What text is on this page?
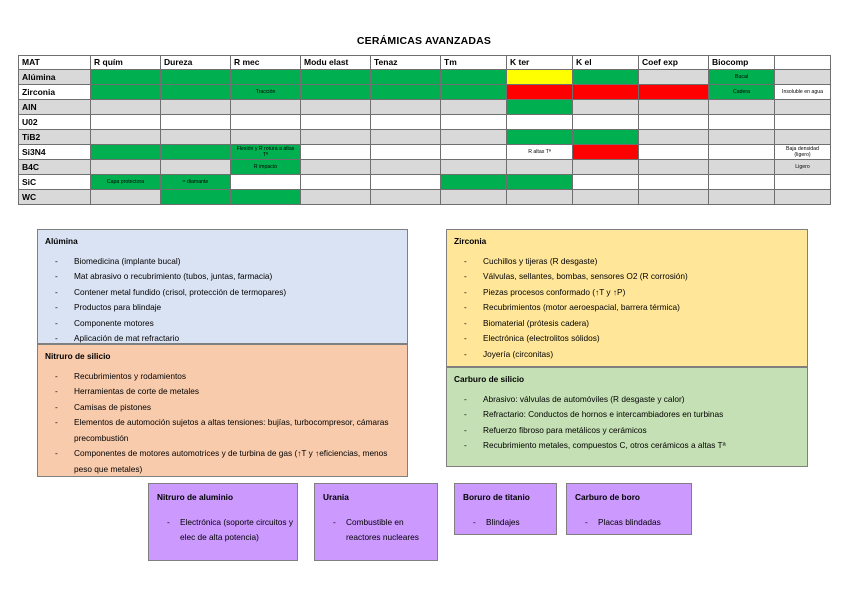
CERÁMICAS AVANZADAS
MAT	R quím	Dureza	R mec	Modu elast	Tenaz	Tm	K ter	K el	Coef exp	Biocomp	
Alúmina										Bucal	
Zirconia			Tracción							Cadera	Insoluble en agua
AlN											
U02											
TiB2											
Si3N4			Flexión y R rotura a altas Tª				R altas Tª				Baja densidad (ligero)
B4C			R impacto								Ligero
SiC	Capa protectora	≈ diamante									
WC											
Alúmina
- Biomedicina (implante bucal)
- Mat abrasivo o recubrimiento (tubos, juntas, farmacia)
- Contener metal fundido (crisol, protección de termopares)
- Productos para blindaje
- Componente motores
- Aplicación de mat refractario
Nitruro de silicio
- Recubrimientos y rodamientos
- Herramientas de corte de metales
- Camisas de pistones
- Elementos de automoción sujetos a altas tensiones: bujías, turbocompresor, cámaras precombustión
- Componentes de motores automotrices y de turbina de gas (↑T y ↑eficiencias, menos peso que metales)
Zirconia
- Cuchillos y tijeras (R desgaste)
- Válvulas, sellantes, bombas, sensores O2 (R corrosión)
- Piezas procesos conformado (↑T y ↑P)
- Recubrimientos (motor aeroespacial, barrera térmica)
- Biomaterial (prótesis cadera)
- Electrónica (electrolitos sólidos)
- Joyería (circonitas)
Carburo de silicio
- Abrasivo: válvulas de automóviles (R desgaste y calor)
- Refractario: Conductos de hornos e intercambiadores en turbinas
- Refuerzo fibroso para metálicos y cerámicos
- Recubrimiento metales, compuestos C, otros cerámicos a altas Tª
Nitruro de aluminio
- Electrónica (soporte circuitos y elec de alta potencia)
Urania
- Combustible en reactores nucleares
Boruro de titanio
- Blindajes
Carburo de boro
- Placas blindadas
